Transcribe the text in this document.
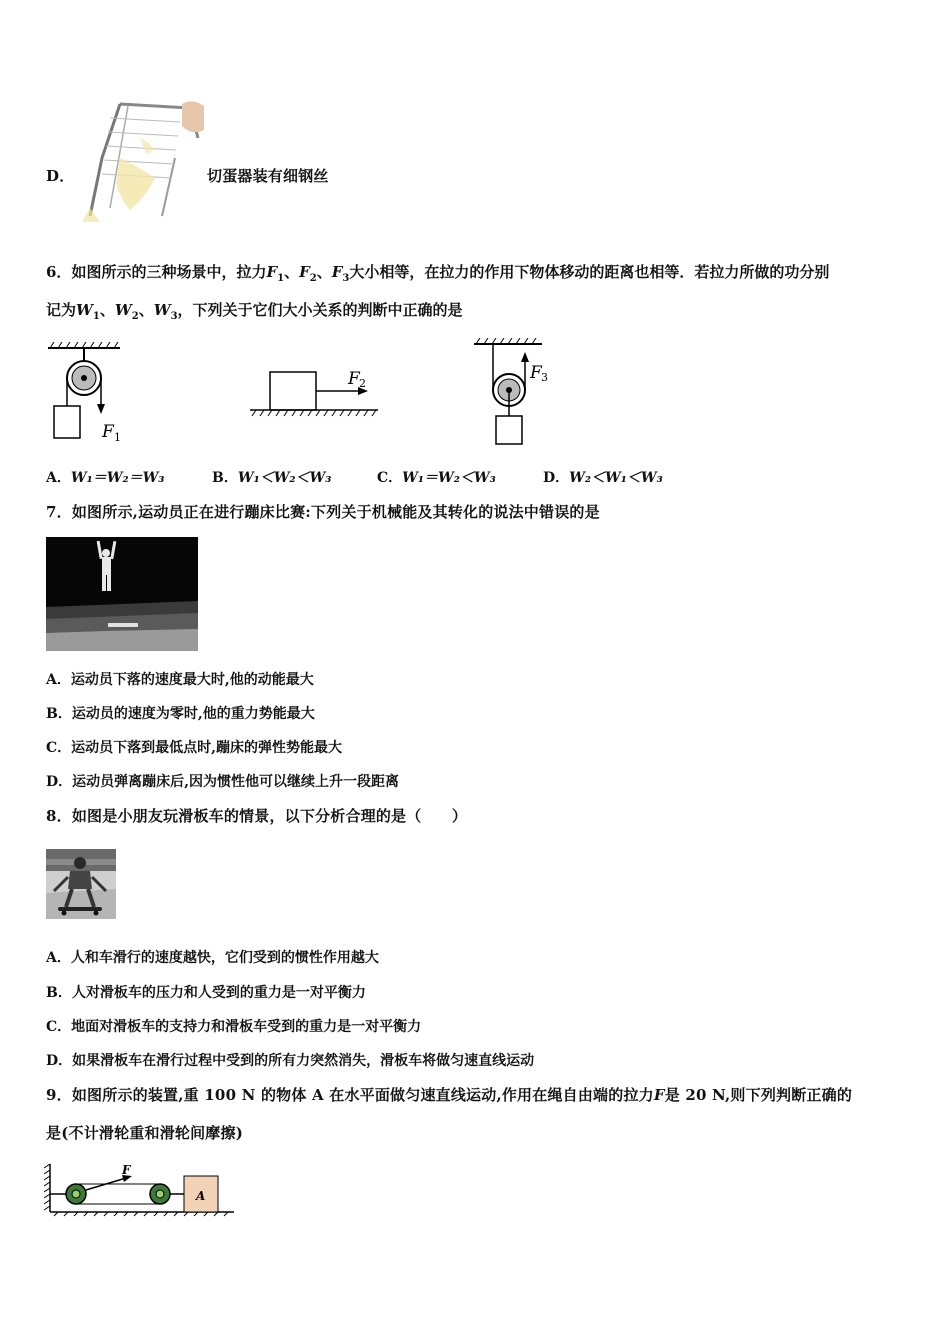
D．	切蛋器装有细钢丝
6．如图所示的三种场景中，拉力$F_1$、$F_2$、$F_3$大小相等，在拉力的作用下物体移动的距离也相等．若拉力所做的功分别
记为$W_1$、$W_2$、$W_3$，下列关于它们大小关系的判断中正确的是
F 1
F 2
F 3
A．W₁＝W₂＝W₃	B．W₁＜W₂＜W₃	C．W₁＝W₂＜W₃	D．W₂＜W₁＜W₃
7．如图所示,运动员正在进行蹦床比赛:下列关于机械能及其转化的说法中错误的是
A．运动员下落的速度最大时,他的动能最大
B．运动员的速度为零时,他的重力势能最大
C．运动员下落到最低点时,蹦床的弹性势能最大
D．运动员弹离蹦床后,因为惯性他可以继续上升一段距离
8．如图是小朋友玩滑板车的情景，以下分析合理的是（　　）
A．人和车滑行的速度越快，它们受到的惯性作用越大
B．人对滑板车的压力和人受到的重力是一对平衡力
C．地面对滑板车的支持力和滑板车受到的重力是一对平衡力
D．如果滑板车在滑行过程中受到的所有力突然消失，滑板车将做匀速直线运动
9．如图所示的装置,重 100 N 的物体 A 在水平面做匀速直线运动,作用在绳自由端的拉力F是 20 N,则下列判断正确的
是(不计滑轮重和滑轮间摩擦)
F
A
